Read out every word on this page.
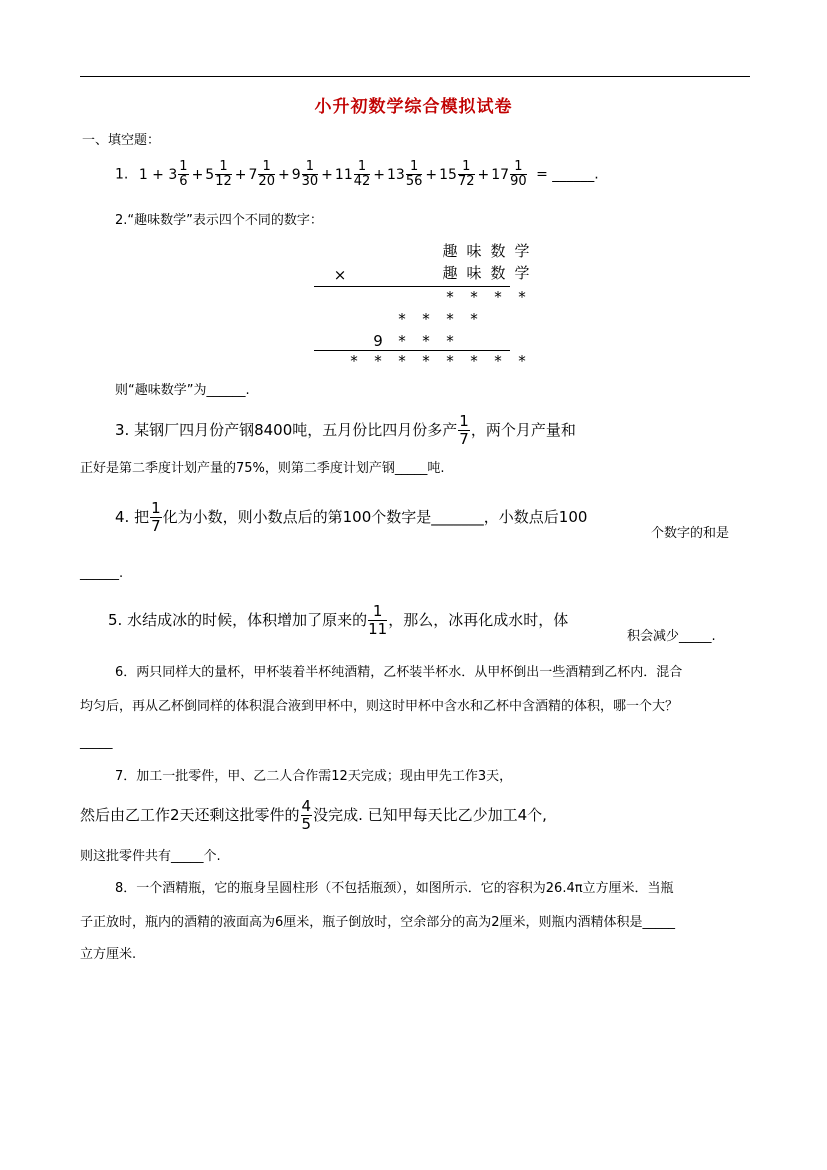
小升初数学综合模拟试卷
一、填空题：
1. $1 + 3 \frac{1}{6} + 5 \frac{1}{12} + 7 \frac{1}{20} + 9 \frac{1}{30} + 11 \frac{1}{42} + 13 \frac{1}{56} + 15 \frac{1}{72} + 17 \frac{1}{90}$ = ______.
2.“趣味数学”表示四个不同的数字：
趣 味 数 学
趣 味 数 学
×
*	*	*	*
*	*	*	*
9	*	*	*
*	*	*	*	*	*	*	*
则“趣味数学”为______.
3. 某钢厂四月份产钢8400吨，五月份比四月份多产 $\frac{1}{7}$ ，两个月产量和
正好是第二季度计划产量的75%，则第二季度计划产钢_____吨.
4. 把 $\frac{1}{7}$ 化为小数，则小数点后的第100个数字是_______，小数点后100
个数字的和是
______.
5. 水结成冰的时候，体积增加了原来的 $\frac{1}{11}$ ，那么，冰再化成水时，体
积会减少_____.
6．两只同样大的量杯，甲杯装着半杯纯酒精，乙杯装半杯水．从甲杯倒出一些酒精到乙杯内．混合
均匀后，再从乙杯倒同样的体积混合液到甲杯中，则这时甲杯中含水和乙杯中含酒精的体积，哪一个大？
_____
7．加工一批零件，甲、乙二人合作需12天完成；现由甲先工作3天，
然后由乙工作2天还剩这批零件的 $\frac{4}{5}$ 没完成. 已知甲每天比乙少加工4个,
则这批零件共有_____个.
8．一个酒精瓶，它的瓶身呈圆柱形（不包括瓶颈），如图所示．它的容积为26.4π立方厘米．当瓶
子正放时，瓶内的酒精的液面高为6厘米，瓶子倒放时，空余部分的高为2厘米，则瓶内酒精体积是_____
立方厘米.
